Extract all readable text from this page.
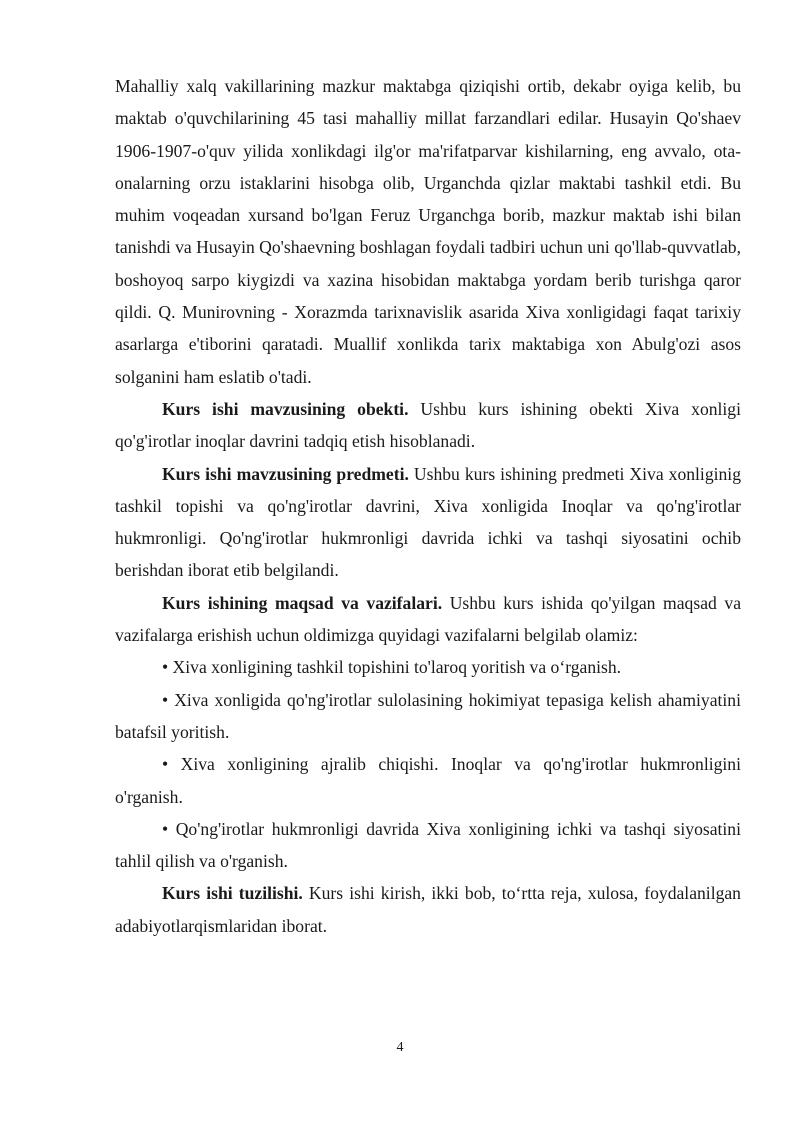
Mahalliy xalq vakillarining mazkur maktabga qiziqishi ortib, dekabr oyiga kelib, bu maktab o'quvchilarining 45 tasi mahalliy millat farzandlari edilar. Husayin Qo'shaev 1906-1907-o'quv yilida xonlikdagi ilg'or ma'rifatparvar kishilarning, eng avvalo, ota-onalarning orzu istaklarini hisobga olib, Urganchda qizlar maktabi tashkil etdi. Bu muhim voqeadan xursand bo'lgan Feruz Urganchga borib, mazkur maktab ishi bilan tanishdi va Husayin Qo'shaevning boshlagan foydali tadbiri uchun uni qo'llab-quvvatlab, boshoyoq sarpo kiygizdi va xazina hisobidan maktabga yordam berib turishga qaror qildi. Q. Munirovning - Xorazmda tarixnavislik asarida Xiva xonligidagi faqat tarixiy asarlarga e'tiborini qaratadi. Muallif xonlikda tarix maktabiga xon Abulg'ozi asos solganini ham eslatib o'tadi.

Kurs ishi mavzusining obekti. Ushbu kurs ishining obekti Xiva xonligi qo'g'irotlar inoqlar davrini tadqiq etish hisoblanadi.

Kurs ishi mavzusining predmeti. Ushbu kurs ishining predmeti Xiva xonliginig tashkil topishi va qo'ng'irotlar davrini, Xiva xonligida Inoqlar va qo'ng'irotlar hukmronligi. Qo'ng'irotlar hukmronligi davrida ichki va tashqi siyosatini ochib berishdan iborat etib belgilandi.

Kurs ishining maqsad va vazifalari. Ushbu kurs ishida qo'yilgan maqsad va vazifalarga erishish uchun oldimizga quyidagi vazifalarni belgilab olamiz:

• Xiva xonligining tashkil topishini to'laroq yoritish va o‘rganish.

• Xiva xonligida qo'ng'irotlar sulolasining hokimiyat tepasiga kelish ahamiyatini batafsil yoritish.

• Xiva xonligining ajralib chiqishi. Inoqlar va qo'ng'irotlar hukmronligini o'rganish.

• Qo'ng'irotlar hukmronligi davrida Xiva xonligining ichki va tashqi siyosatini tahlil qilish va o'rganish.

Kurs ishi tuzilishi. Kurs ishi kirish, ikki bob, to‘rtta reja, xulosa, foydalanilgan adabiyotlarqismlaridan iborat.

4
